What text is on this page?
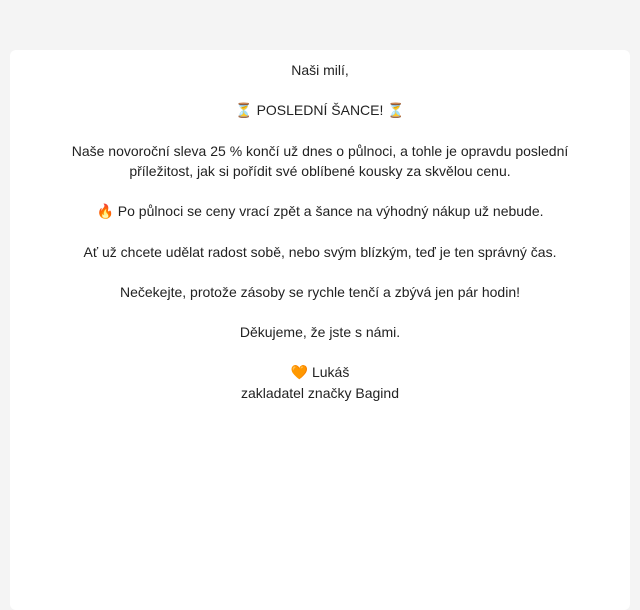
Naši milí,

⏳ POSLEDNÍ ŠANCE! ⏳

Naše novoroční sleva 25 % končí už dnes o půlnoci, a tohle je opravdu poslední příležitost, jak si pořídit své oblíbené kousky za skvělou cenu.

🔥 Po půlnoci se ceny vrací zpět a šance na výhodný nákup už nebude.

Ať už chcete udělat radost sobě, nebo svým blízkým, teď je ten správný čas.

Nečekejte, protože zásoby se rychle tenčí a zbývá jen pár hodin!

Děkujeme, že jste s námi.

🧡 Lukáš
zakladatel značky Bagind
